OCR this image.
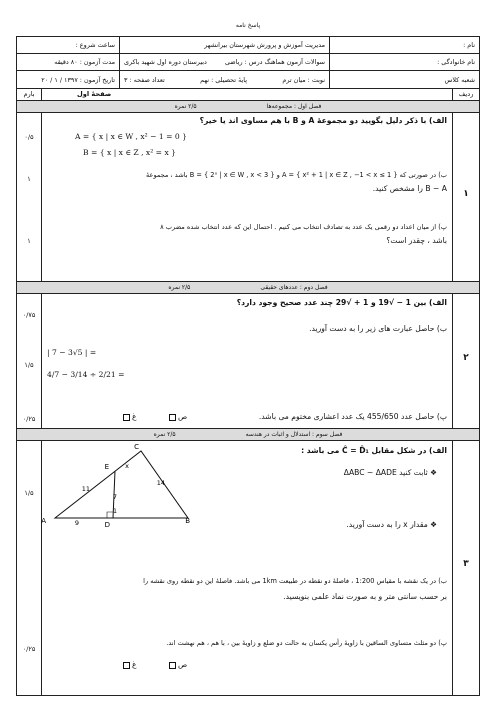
پاسخ نامه
نام :
مدیریت آموزش و پرورش شهرستان بیرانشهر
ساعت شروع :
نام خانوادگی :
سوالات آزمون هماهنگ درس : ریاضی
دبیرستان دوره اول شهید باکری
مدت آزمون : ۸۰ دقیقه
شعبه کلاس
نوبت : میان ترم
پایهٔ تحصیلی : نهم
تعداد صفحه : ۳
تاریخ آزمون : ۱۳۹۷ / ۱ / ۲۰
ردیف
بارم	صفحهٔ اول
فصل اول : مجموعه‌ها
۲/۵ نمره
۱
الف) با ذکر دلیل بگویید دو مجموعهٔ A و B با هم مساوی اند یا خیر؟
A = { x | x ∈ W , x² − 1 = 0 }
B = { x | x ∈ Z , x² = x }
۰/۵
ب) در صورتی که A = { x² + 1 | x ∈ Z , −1 < x ≤ 1 } و B = { 2ˣ | x ∈ W , x < 3 } باشد ، مجموعهٔ
B − A را مشخص کنید.
۱
پ) از میان اعداد دو رقمی یک عدد به تصادف انتخاب می کنیم . احتمال این که عدد انتخاب شده مضرب ۸
باشد ، چقدر است؟
۱
فصل دوم : عددهای حقیقی
۲/۵ نمره
۲
الف) بین 1 − √19 و 1 + √29 چند عدد صحیح وجود دارد؟
۰/۷۵
ب) حاصل عبارت های زیر را به دست آورید.
| 7 − 3√5 | =
4/7 − 3/14 ÷ 2/21 =
۱/۵
پ) حاصل عدد 455/650 یک عدد اعشاری مختوم می باشد.
ص
غ
۰/۲۵
فصل سوم : استدلال و اثبات در هندسه
۲/۵ نمره
۳
الف) در شکل مقابل Ĉ = D̂₁ می باشد :
❖ ثابت کنید ΔABC ~ ΔADE
❖ مقدار x را به دست آورید.
۱/۵
C
E
A	D	B
x
11
7
14
9
1
ب) در یک نقشه با مقیاس 1:200 ، فاصلهٔ دو نقطه در طبیعت 1km می باشد. فاصلهٔ این دو نقطه روی نقشه را
بر حسب سانتی متر و به صورت نماد علمی بنویسید.
پ) دو مثلث متساوی الساقین با زاویهٔ رأس یکسان به حالت دو ضلع و زاویهٔ بین ، با هم ، هم نهشت اند.
ص
غ
۰/۲۵
